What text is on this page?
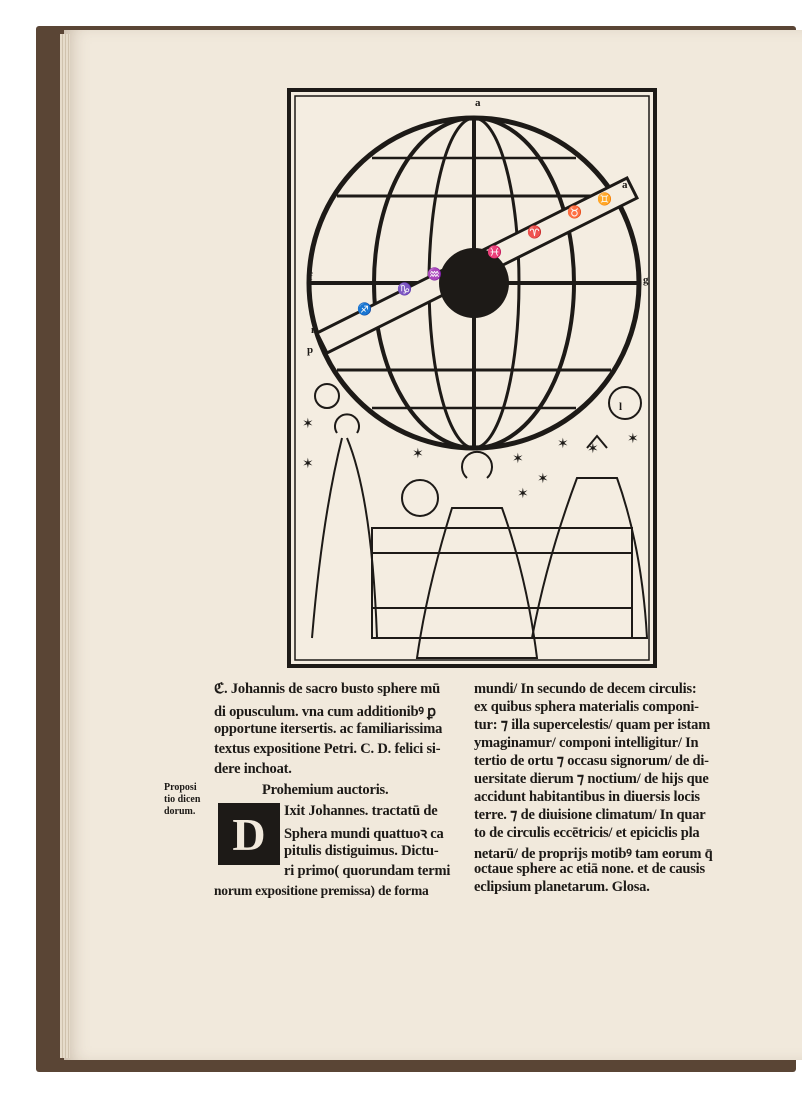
a
a
f	g
n
p
l
♊
♉
♈
♓
♒
♑
♐
✶
✶
✶	✶
✶
✶
✶
✶
✶
ℭ. Johannis de sacro busto sphere mū
di opusculum. vna cum additionibꝰ ꝑ
opportune itersertis. ac familiarissima
textus expositione Petri. C. D. felici si-
dere inchoat.
Prohemium auctoris.
D	Ixit Johannes. tractatū de
Sphera mundi quattuoꝛ ca
pitulis distiguimus. Dictu-
ri primo( quorundam termi
norum expositione premissa) de forma
Proposi
tio dicen
dorum.
mundi/ In secundo de decem circulis:
ex quibus sphera materialis componi-
tur: ⁊ illa supercelestis/ quam per istam
ymaginamur/ componi intelligitur/ In
tertio de ortu ⁊ occasu signorum/ de di-
uersitate dierum ⁊ noctium/ de hijs que
accidunt habitantibus in diuersis locis
terre. ⁊ de diuisione climatum/ In quar
to de circulis eccētricis/ et epiciclis pla
netarū/ de proprijs motibꝰ tam eorum q̄
octaue sphere ac etiā none. et de causis
eclipsium planetarum. Glosa.
